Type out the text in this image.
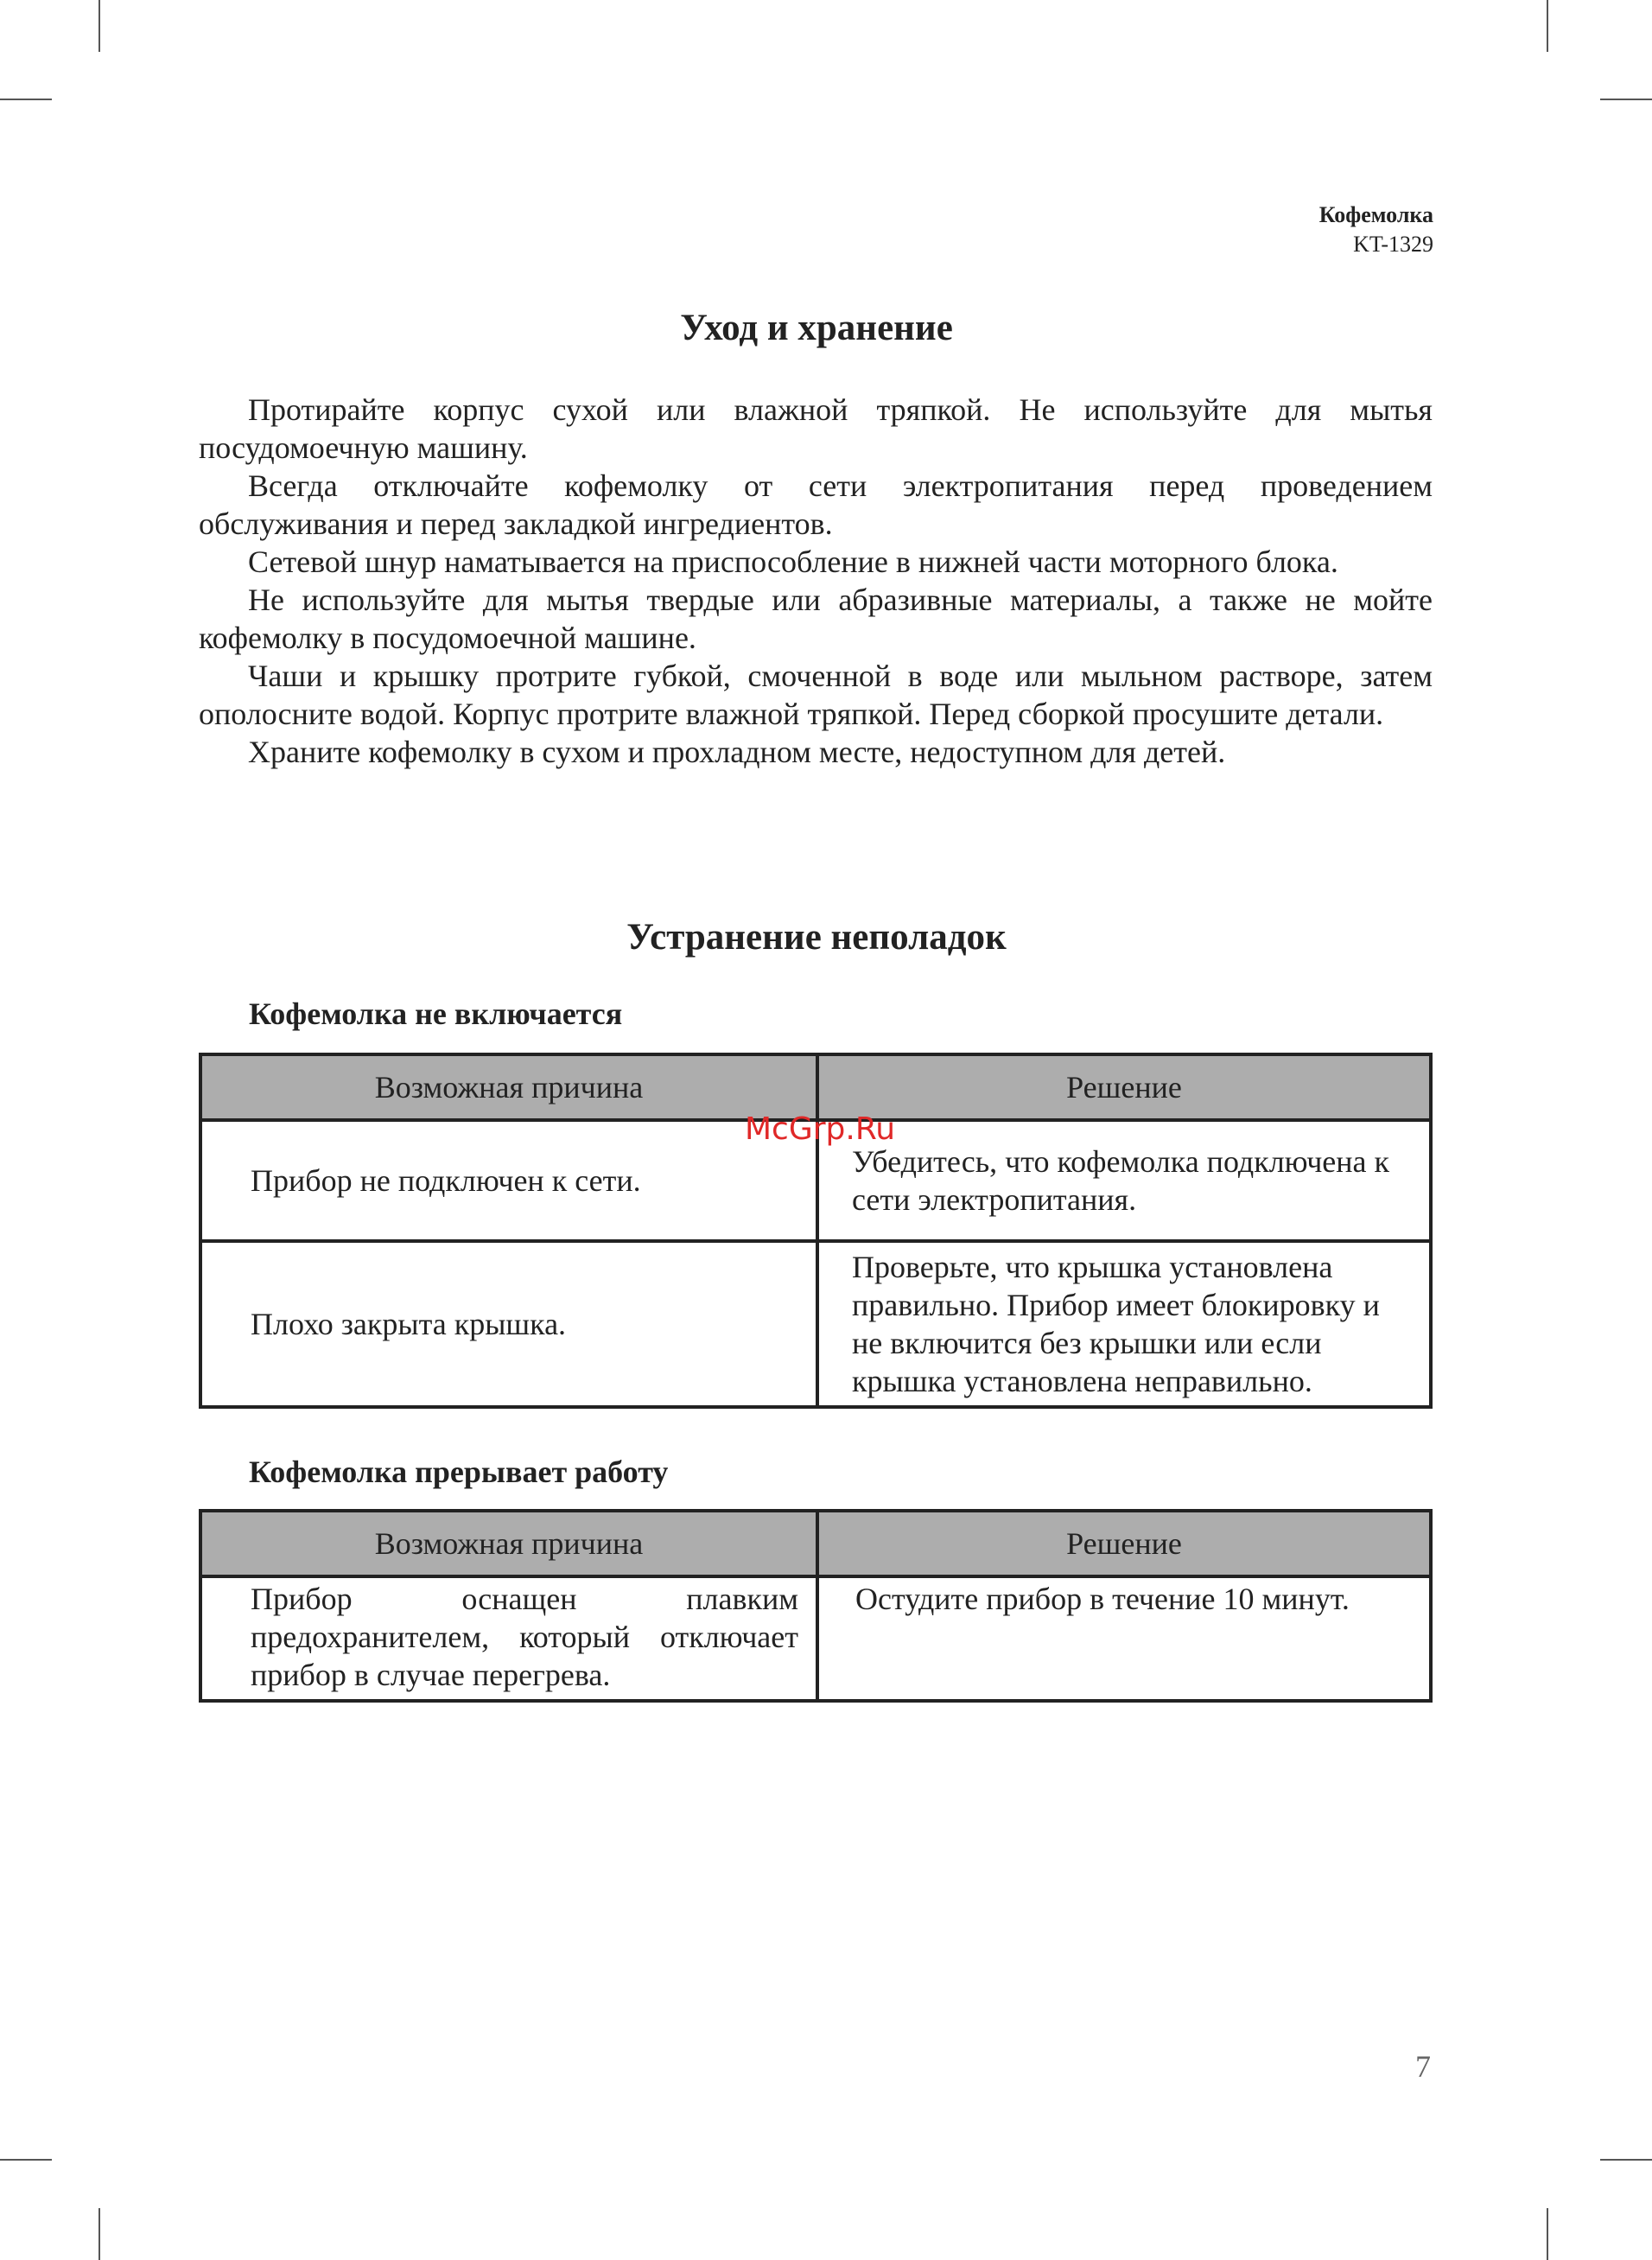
Кофемолка
KT-1329
Уход и хранение

Протирайте корпус сухой или влажной тряпкой. Не используйте для мытья посудомоечную машину.

Всегда отключайте кофемолку от сети электропитания перед проведением обслуживания и перед закладкой ингредиентов.

Сетевой шнур наматывается на приспособление в нижней части моторного блока.

Не используйте для мытья твердые или абразивные материалы, а также не мойте кофемолку в посудомоечной машине.

Чаши и крышку протрите губкой, смоченной в воде или мыльном растворе, затем ополосните водой. Корпус протрите влажной тряпкой. Перед сборкой просушите детали.

Храните кофемолку в сухом и прохладном месте, недоступном для детей.

Устранение неполадок
Кофемолка не включается
Возможная причина	Решение
Прибор не подключен к сети.	Убедитесь, что кофемолка подключена к сети электропитания.
Плохо закрыта крышка.	Проверьте, что крышка установлена правильно. Прибор имеет блокировку и не включится без крышки или если крышка установлена неправильно.
Кофемолка прерывает работу
Возможная причина	Решение
Прибор оснащен плавким предохранителем, который отключает прибор в случае перегрева.	Остудите прибор в течение 10 минут.
McGrp.Ru
7
